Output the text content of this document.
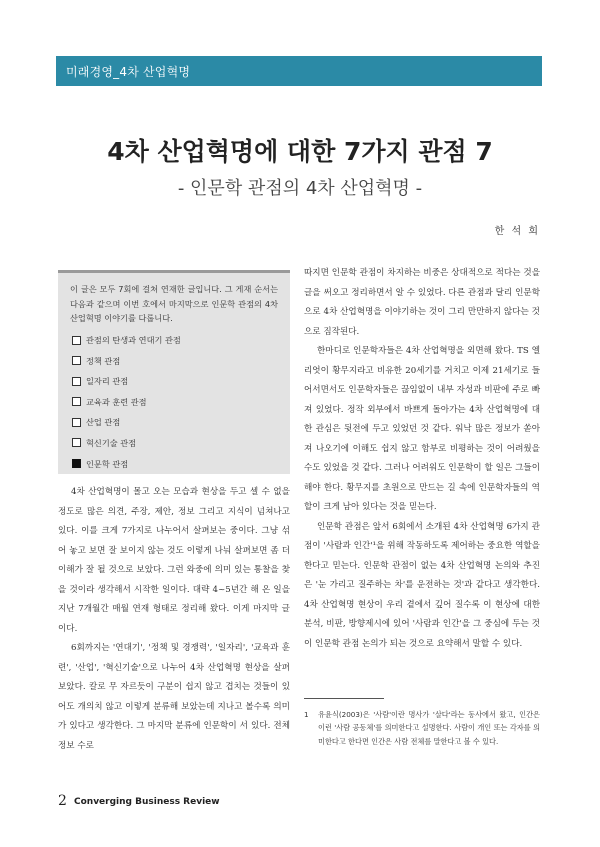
미래경영_4차 산업혁명
4차 산업혁명에 대한 7가지 관점 7
- 인문학 관점의 4차 산업혁명 -
한 석 희

이 글은 모두 7회에 걸쳐 연재한 글입니다. 그 게재 순서는 다음과 같으며 이번 호에서 마지막으로 인문학 관점의 4차 산업혁명 이야기를 다룹니다.

관점의 탄생과 연대기 관점
정책 관점
일자리 관점
교육과 훈련 관점
산업 관점
혁신기술 관점
인문학 관점

4차 산업혁명이 몰고 오는 모습과 현상을 두고 셀 수 없을 정도로 많은 의견, 주장, 제안, 정보 그리고 지식이 넘쳐나고 있다. 이를 크게 7가지로 나누어서 살펴보는 중이다. 그냥 섞어 놓고 보면 잘 보이지 않는 것도 이렇게 나눠 살펴보면 좀 더 이해가 잘 될 것으로 보았다. 그런 와중에 의미 있는 통찰을 찾을 것이라 생각해서 시작한 일이다. 대략 4~5년간 해 온 일을 지난 7개월간 매월 연재 형태로 정리해 왔다. 이게 마지막 글이다.

6회까지는 '연대기', '정책 및 경쟁력', '일자리', '교육과 훈련', '산업', '혁신기술'으로 나누어 4차 산업혁명 현상을 살펴보았다. 칼로 무 자르듯이 구분이 쉽지 않고 겹치는 것들이 있어도 개의치 않고 이렇게 분류해 보았는데 지나고 볼수록 의미가 있다고 생각한다. 그 마지막 분류에 인문학이 서 있다. 전체 정보 수로

따지면 인문학 관점이 차지하는 비중은 상대적으로 적다는 것을 글을 써오고 정리하면서 알 수 있었다. 다른 관점과 달리 인문학으로 4차 산업혁명을 이야기하는 것이 그리 만만하지 않다는 것으로 짐작된다.

한마디로 인문학자들은 4차 산업혁명을 외면해 왔다. TS 엘리엇이 황무지라고 비유한 20세기를 거치고 이제 21세기로 들어서면서도 인문학자들은 끊임없이 내부 자성과 비판에 주로 빠져 있었다. 정작 외부에서 바쁘게 돌아가는 4차 산업혁명에 대한 관심은 뒷전에 두고 있었던 것 같다. 워낙 많은 정보가 쏟아져 나오기에 이해도 쉽지 않고 함부로 비평하는 것이 어려웠을 수도 있었을 것 같다. 그러나 어려워도 인문학이 할 일은 그들이 해야 한다. 황무지를 초원으로 만드는 길 속에 인문학자들의 역할이 크게 남아 있다는 것을 믿는다.

인문학 관점은 앞서 6회에서 소개된 4차 산업혁명 6가지 관점이 '사람과 인간'¹을 위해 작동하도록 제어하는 중요한 역할을 한다고 믿는다. 인문학 관점이 없는 4차 산업혁명 논의와 추진은 '눈 가리고 질주하는 차'를 운전하는 것'과 같다고 생각한다. 4차 산업혁명 현상이 우리 곁에서 깊어 질수록 이 현상에 대한 분석, 비판, 방향제시에 있어 '사람과 인간'을 그 중심에 두는 것이 인문학 관점 논의가 되는 것으로 요약해서 말할 수 있다.

1	유윤식(2003)은 '사람'이란 명사가 '살다'라는 동사에서 왔고, 인간은 이런 '사람 공동체'를 의미한다고 설명한다. 사람이 개인 또는 각자를 의미한다고 한다면 인간은 사람 전체를 말한다고 볼 수 있다.
2 Converging Business Review
